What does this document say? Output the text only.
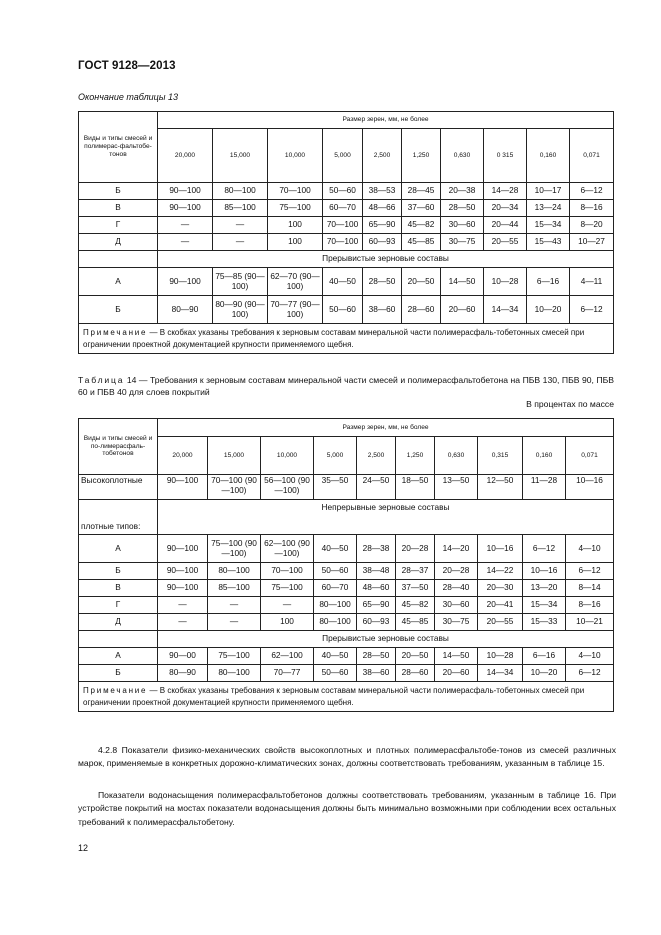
ГОСТ 9128—2013
Окончание таблицы 13
Виды и типы смесей и полимерас-фальтобе-тонов	Размер зерен, мм, не более									
	20,000	15,000	10,000	5,000	2,500	1,250	0,630	0 315	0,160	0,071
Б	90—100	80—100	70—100	50—60	38—53	28—45	20—38	14—28	10—17	6—12
В	90—100	85—100	75—100	60—70	48—66	37—60	28—50	20—34	13—24	8—16
Г	—	—	100	70—100	65—90	45—82	30—60	20—44	15—34	8—20
Д	—	—	100	70—100	60—93	45—85	30—75	20—55	15—43	10—27
	Прерывистые зерновые составы									
А	90—100	75—85 (90—100)	62—70 (90—100)	40—50	28—50	20—50	14—50	10—28	6—16	4—11
Б	80—90	80—90 (90—100)	70—77 (90—100)	50—60	38—60	28—60	20—60	14—34	10—20	6—12
Примечание — В скобках указаны требования к зерновым составам минеральной части полимерасфаль-тобетонных смесей при ограничении проектной документацией крупности применяемого щебня.										
Таблица 14 — Требования к зерновым составам минеральной части смесей и полимерасфальтобетона на ПБВ 130, ПБВ 90, ПБВ 60 и ПБВ 40 для слоев покрытий
В процентах по массе
Виды и типы смесей и по-лимерасфаль-тобетонов	Размер зерен, мм, не более									
	20,000	15,000	10,000	5,000	2,500	1,250	0,630	0,315	0,160	0,071
Высокоплотные	90—100	70—100 (90—100)	56—100 (90—100)	35—50	24—50	18—50	13—50	12—50	11—28	10—16
плотные типов:	Непрерывные зерновые составы									

А	90—100	75—100 (90—100)	62—100 (90—100)	40—50	28—38	20—28	14—20	10—16	6—12	4—10
Б	90—100	80—100	70—100	50—60	38—48	28—37	20—28	14—22	10—16	6—12
В	90—100	85—100	75—100	60—70	48—60	37—50	28—40	20—30	13—20	8—14
Г	—	—	—	80—100	65—90	45—82	30—60	20—41	15—34	8—16
Д	—	—	100	80—100	60—93	45—85	30—75	20—55	15—33	10—21
	Прерывистые зерновые составы									
А	90—00	75—100	62—100	40—50	28—50	20—50	14—50	10—28	6—16	4—10
Б	80—90	80—100	70—77	50—60	38—60	28—60	20—60	14—34	10—20	6—12
Примечание — В скобках указаны требования к зерновым составам минеральной части полимерасфаль-тобетонных смесей при ограничении проектной документацией крупности применяемого щебня.										
4.2.8 Показатели физико-механических свойств высокоплотных и плотных полимерасфальтобе-тонов из смесей различных марок, применяемые в конкретных дорожно-климатических зонах, должны соответствовать требованиям, указанным в таблице 15.
Показатели водонасыщения полимерасфальтобетонов должны соответствовать требованиям, указанным в таблице 16. При устройстве покрытий на мостах показатели водонасыщения должны быть минимально возможными при соблюдении всех остальных требований к полимерасфальтобетону.
12
